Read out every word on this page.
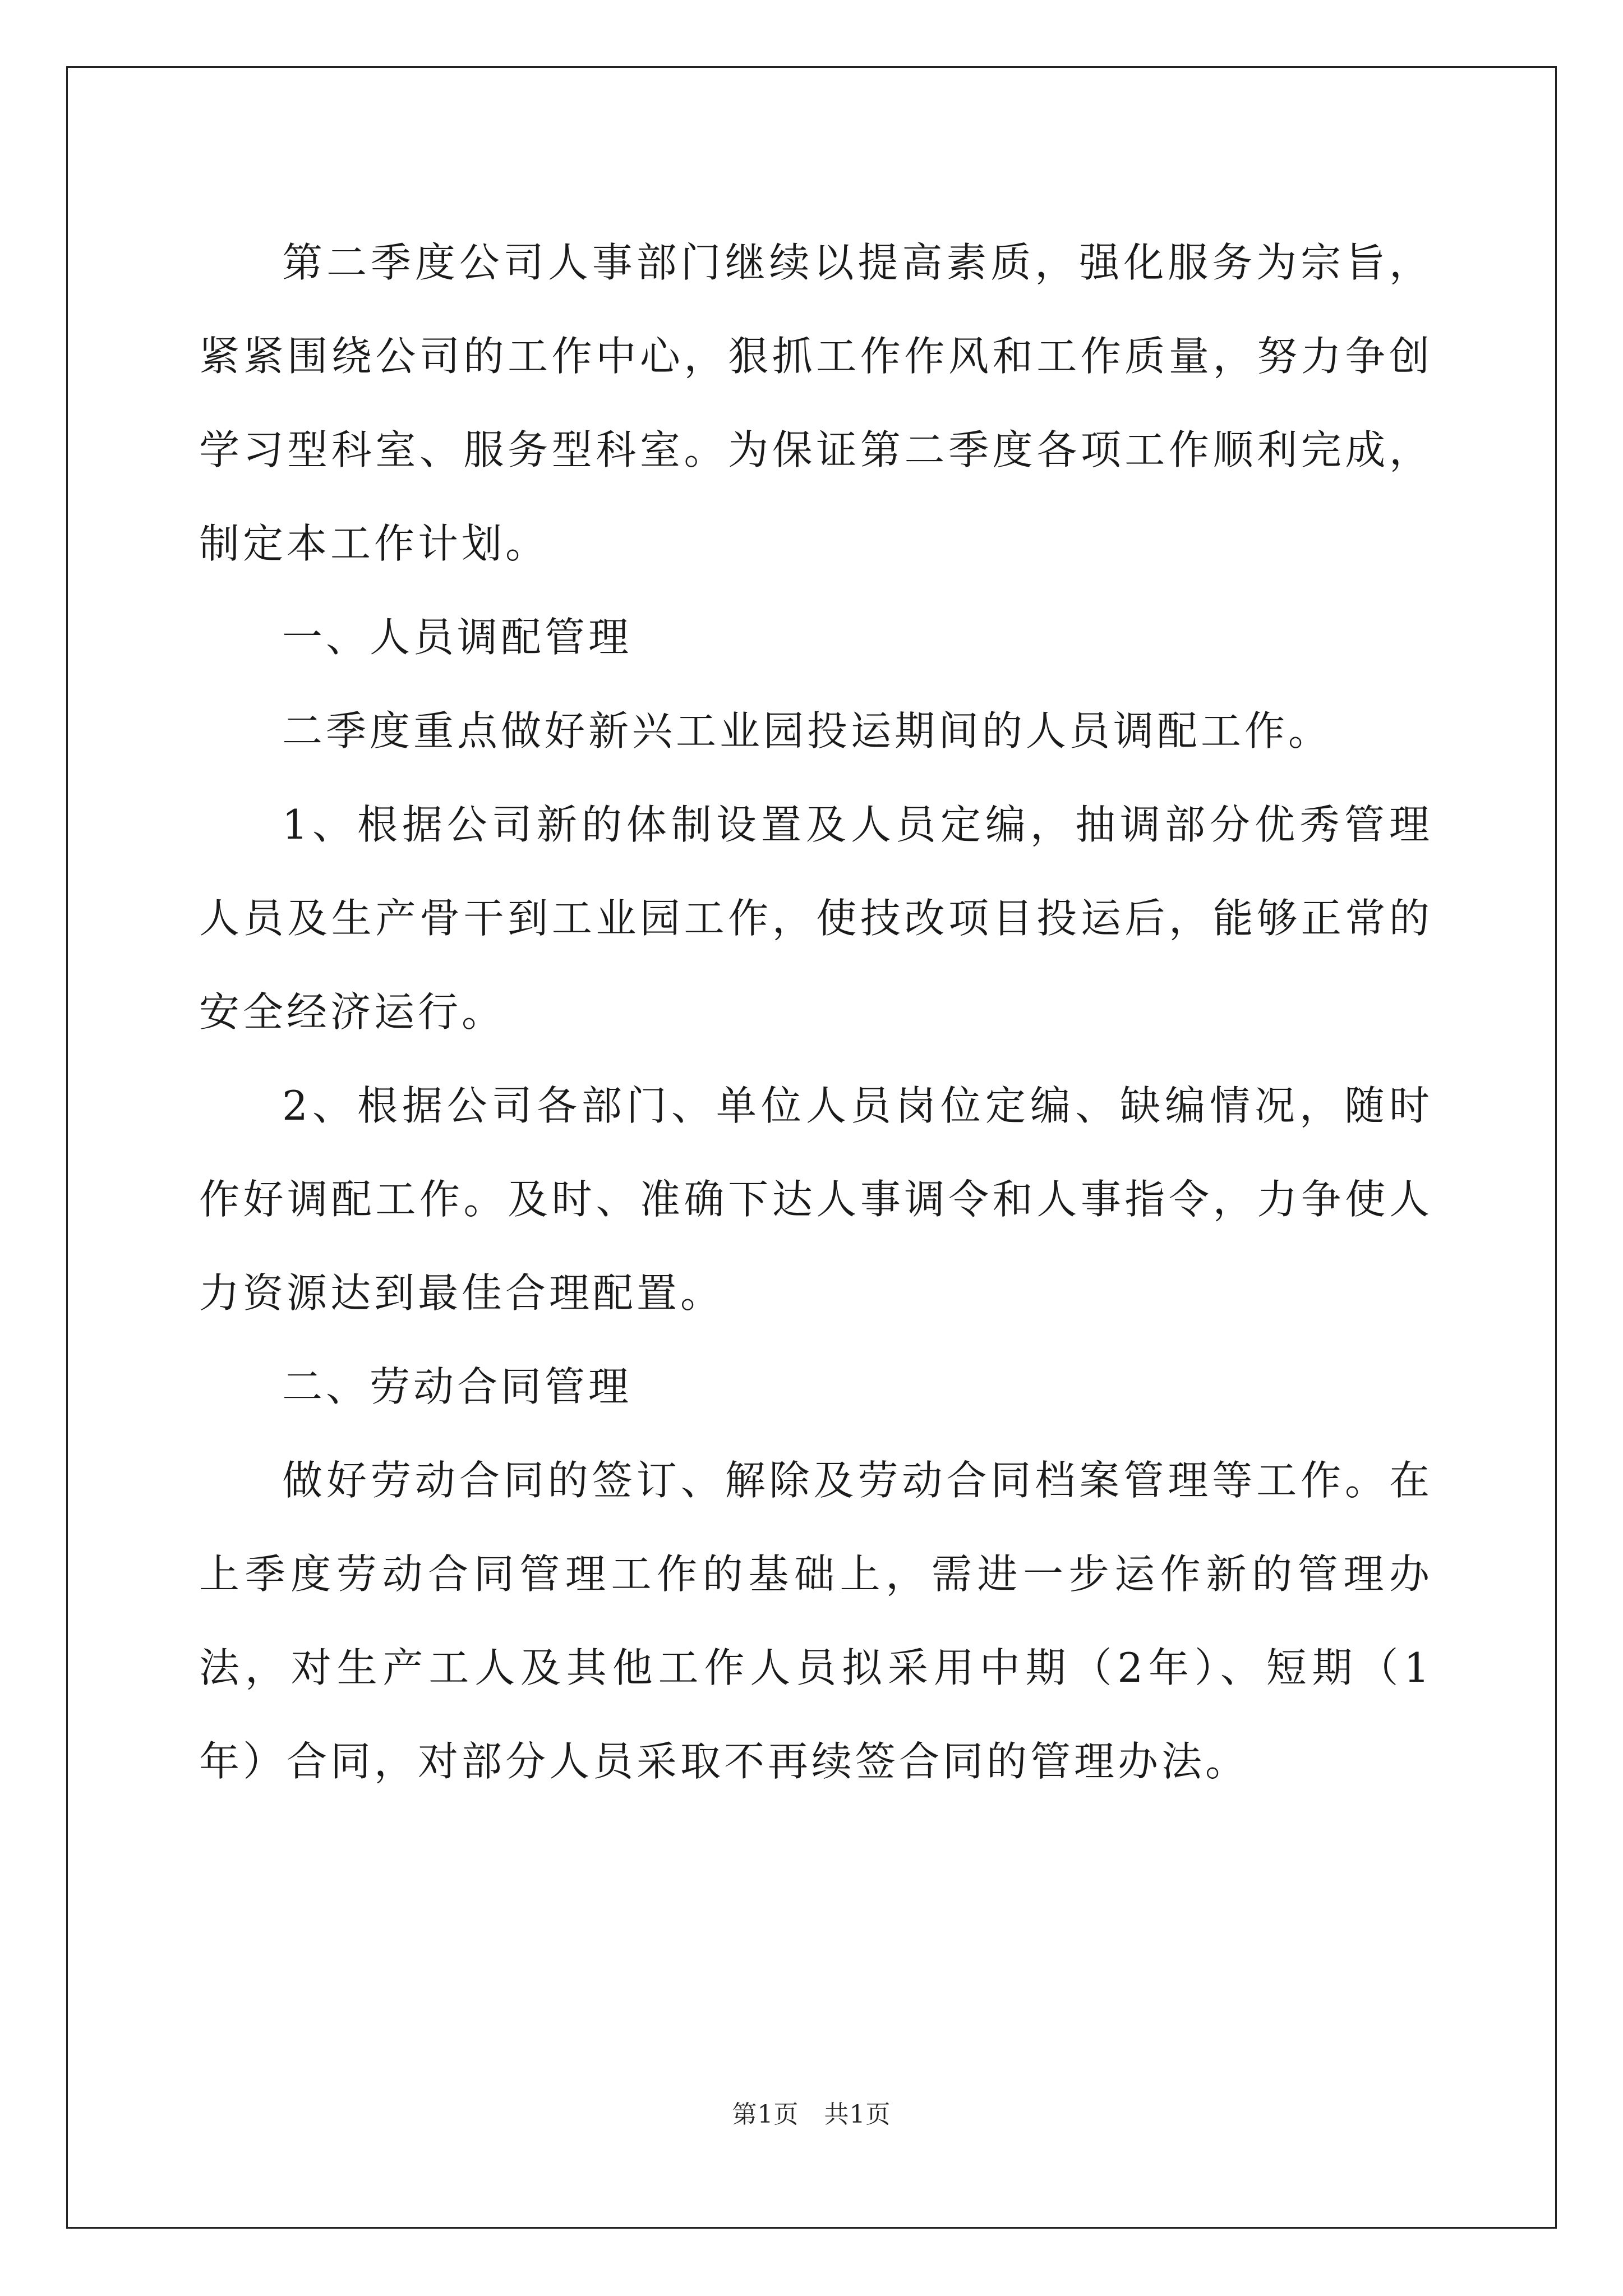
第二季度公司人事部门继续以提高素质，强化服务为宗旨，紧紧围绕公司的工作中心，狠抓工作作风和工作质量，努力争创学习型科室、服务型科室。为保证第二季度各项工作顺利完成，制定本工作计划。

一、人员调配管理

二季度重点做好新兴工业园投运期间的人员调配工作。

1、根据公司新的体制设置及人员定编，抽调部分优秀管理人员及生产骨干到工业园工作，使技改项目投运后，能够正常的安全经济运行。

2、根据公司各部门、单位人员岗位定编、缺编情况，随时作好调配工作。及时、准确下达人事调令和人事指令，力争使人力资源达到最佳合理配置。

二、劳动合同管理

做好劳动合同的签订、解除及劳动合同档案管理等工作。在上季度劳动合同管理工作的基础上，需进一步运作新的管理办法，对生产工人及其他工作人员拟采用中期（2年）、短期（1年）合同，对部分人员采取不再续签合同的管理办法。

第1页   共1页
